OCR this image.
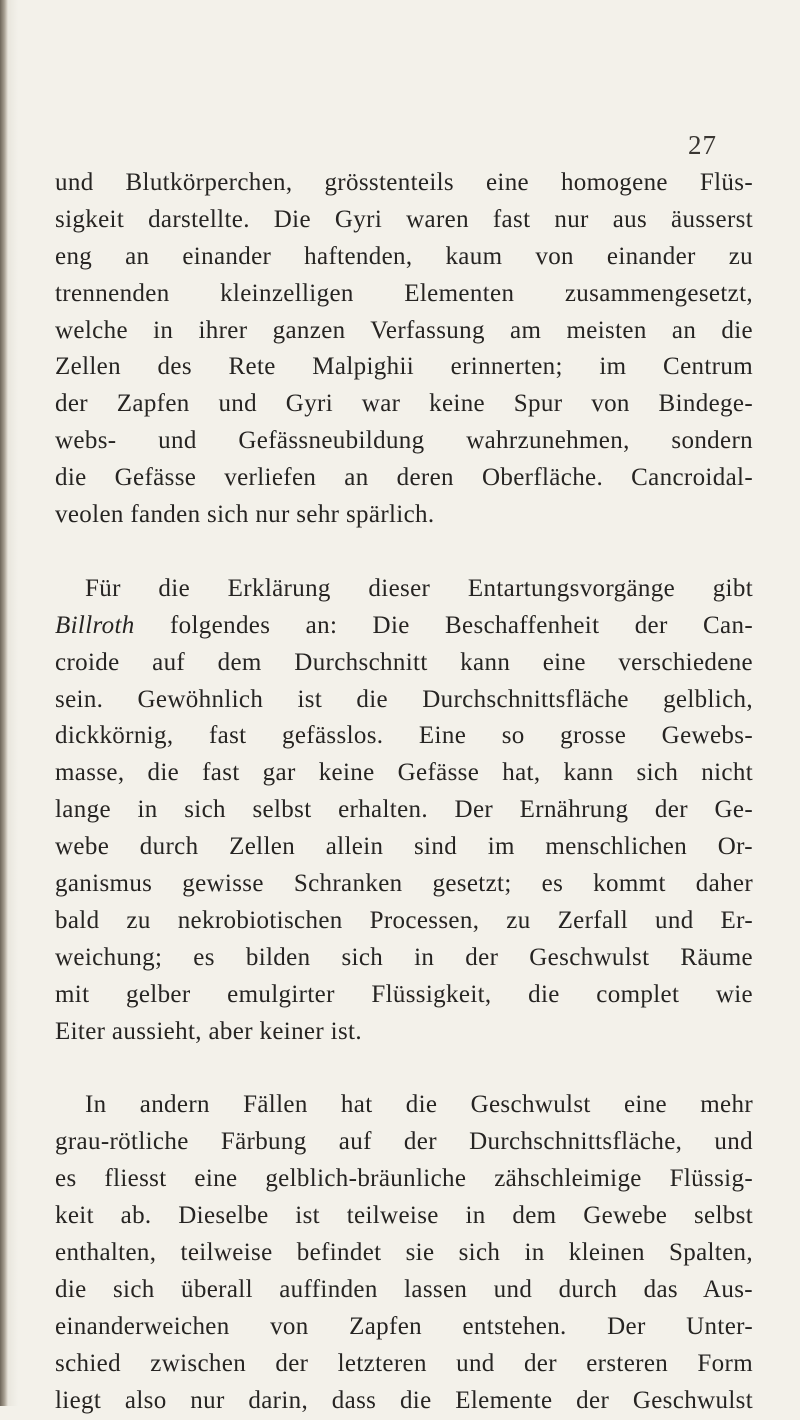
27
und Blutkörperchen, grösstenteils eine homogene Flüs-
sigkeit darstellte. Die Gyri waren fast nur aus äusserst
eng an einander haftenden, kaum von einander zu
trennenden kleinzelligen Elementen zusammengesetzt,
welche in ihrer ganzen Verfassung am meisten an die
Zellen des Rete Malpighii erinnerten; im Centrum
der Zapfen und Gyri war keine Spur von Bindege-
webs- und Gefässneubildung wahrzunehmen, sondern
die Gefässe verliefen an deren Oberfläche. Cancroidal-
veolen fanden sich nur sehr spärlich.
Für die Erklärung dieser Entartungsvorgänge gibt
Billroth folgendes an: Die Beschaffenheit der Can-
croide auf dem Durchschnitt kann eine verschiedene
sein. Gewöhnlich ist die Durchschnittsfläche gelblich,
dickkörnig, fast gefässlos. Eine so grosse Gewebs-
masse, die fast gar keine Gefässe hat, kann sich nicht
lange in sich selbst erhalten. Der Ernährung der Ge-
webe durch Zellen allein sind im menschlichen Or-
ganismus gewisse Schranken gesetzt; es kommt daher
bald zu nekrobiotischen Processen, zu Zerfall und Er-
weichung; es bilden sich in der Geschwulst Räume
mit gelber emulgirter Flüssigkeit, die complet wie
Eiter aussieht, aber keiner ist.
In andern Fällen hat die Geschwulst eine mehr
grau-rötliche Färbung auf der Durchschnittsfläche, und
es fliesst eine gelblich-bräunliche zähschleimige Flüssig-
keit ab. Dieselbe ist teilweise in dem Gewebe selbst
enthalten, teilweise befindet sie sich in kleinen Spalten,
die sich überall auffinden lassen und durch das Aus-
einanderweichen von Zapfen entstehen. Der Unter-
schied zwischen der letzteren und der ersteren Form
liegt also nur darin, dass die Elemente der Geschwulst
